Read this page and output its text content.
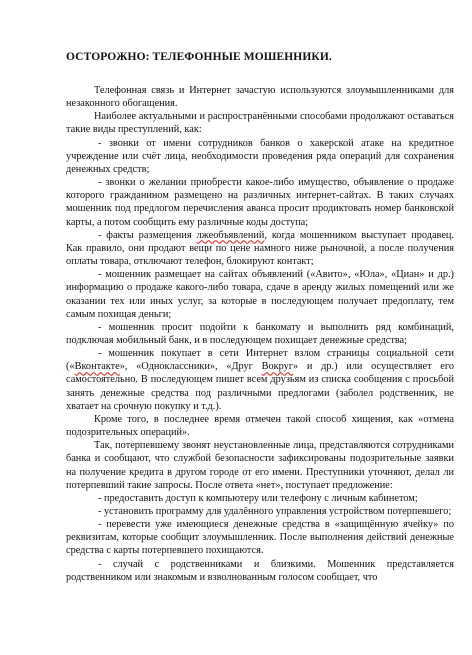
ОСТОРОЖНО: ТЕЛЕФОННЫЕ МОШЕННИКИ.

Телефонная связь и Интернет зачастую используются злоумышленниками для незаконного обогащения.

Наиболее актуальными и распространёнными способами продолжают оставаться такие виды преступлений, как:

- звонки от имени сотрудников банков о хакерской атаке на кредитное учреждение или счёт лица, необходимости проведения ряда операций для сохранения денежных средств;

- звонки о желании приобрести какое-либо имущество, объявление о продаже которого гражданином размещено на различных интернет-сайтах. В таких случаях мошенник под предлогом перечисления аванса просит продиктовать номер банковской карты, а потом сообщить ему различные коды доступа;

- факты размещения лжеобъявлений, когда мошенником выступает продавец. Как правило, они продают вещи по цене намного ниже рыночной, а после получения оплаты товара, отключают телефон, блокируют контакт;

- мошенник размещает на сайтах объявлений («Авито», «Юла», «Циан» и др.) информацию о продаже какого-либо товара, сдаче в аренду жилых помещений или же оказании тех или иных услуг, за которые в последующем получает предоплату, тем самым похищая деньги;

- мошенник просит подойти к банкомату и выполнить ряд комбинаций, подключая мобильный банк, и в последующем похищает денежные средства;

- мошенник покупает в сети Интернет взлом страницы социальной сети («Вконтакте», «Одноклассники», «Друг Вокруг» и др.) или осуществляет его самостоятельно. В последующем пишет всем друзьям из списка сообщения с просьбой занять денежные средства под различными предлогами (заболел родственник, не хватает на срочную покупку и т.д.).

Кроме того, в последнее время отмечен такой способ хищения, как «отмена подозрительных операций».

Так, потерпевшему звонят неустановленные лица, представляются сотрудниками банка и сообщают, что службой безопасности зафиксированы подозрительные заявки на получение кредита в другом городе от его имени. Преступники уточняют, делал ли потерпевший такие запросы. После ответа «нет», поступает предложение:

- предоставить доступ к компьютеру или телефону с личным кабинетом;

- установить программу для удалённого управления устройством потерпевшего;

- перевести уже имеющиеся денежные средства в «защищённую ячейку» по реквизитам, которые сообщит злоумышленник. После выполнения действий денежные средства с карты потерпевшего похищаются.

- случай с родственниками и близкими. Мошенник представляется родственником или знакомым и взволнованным голосом сообщает, что
